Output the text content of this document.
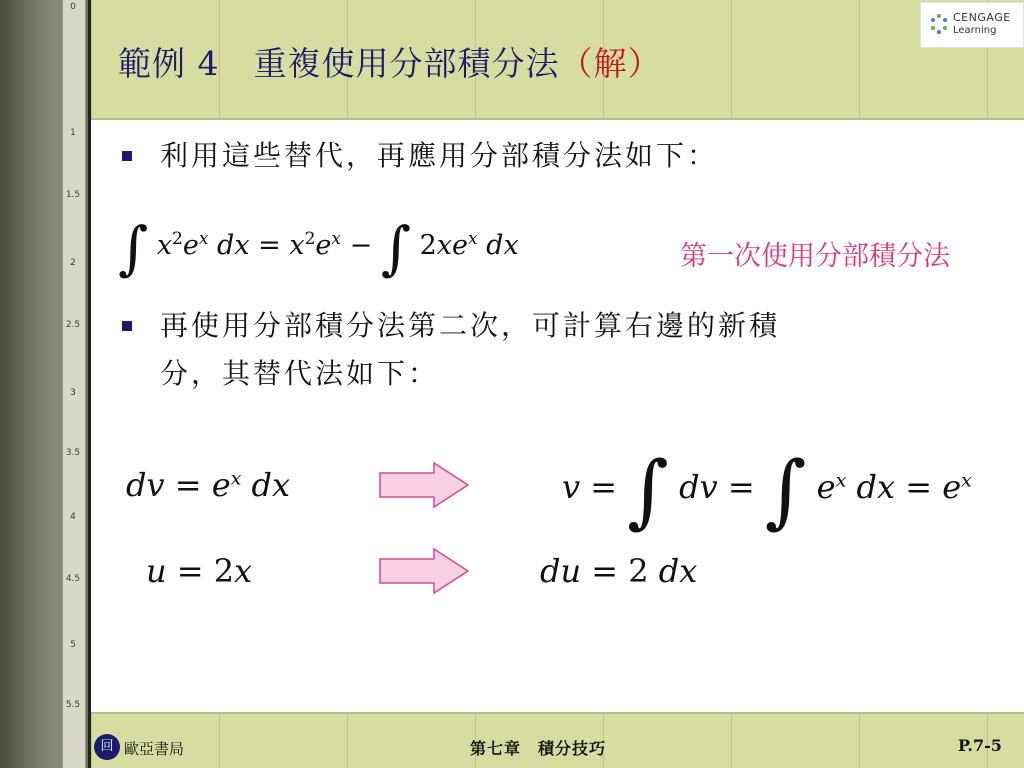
0
1
1.5
2
2.5
3
3.5
4
4.5
5
5.5
範例 4　重複使用分部積分法（解）
CENGAGE
Learning

利用這些替代，再應用分部積分法如下：

∫ $x^2e^x$ dx = $x^2e^x$ − ∫ $2xe^x$ dx	第一次使用分部積分法

再使用分部積分法第二次，可計算右邊的新積

分，其替代法如下：

dv = $e^x$ dx	v = ∫ dv = ∫ $e^x$ dx = $e^x$
u = 2x	du = 2 dx
回 歐亞書局	第七章　積分技巧	P.7-5
